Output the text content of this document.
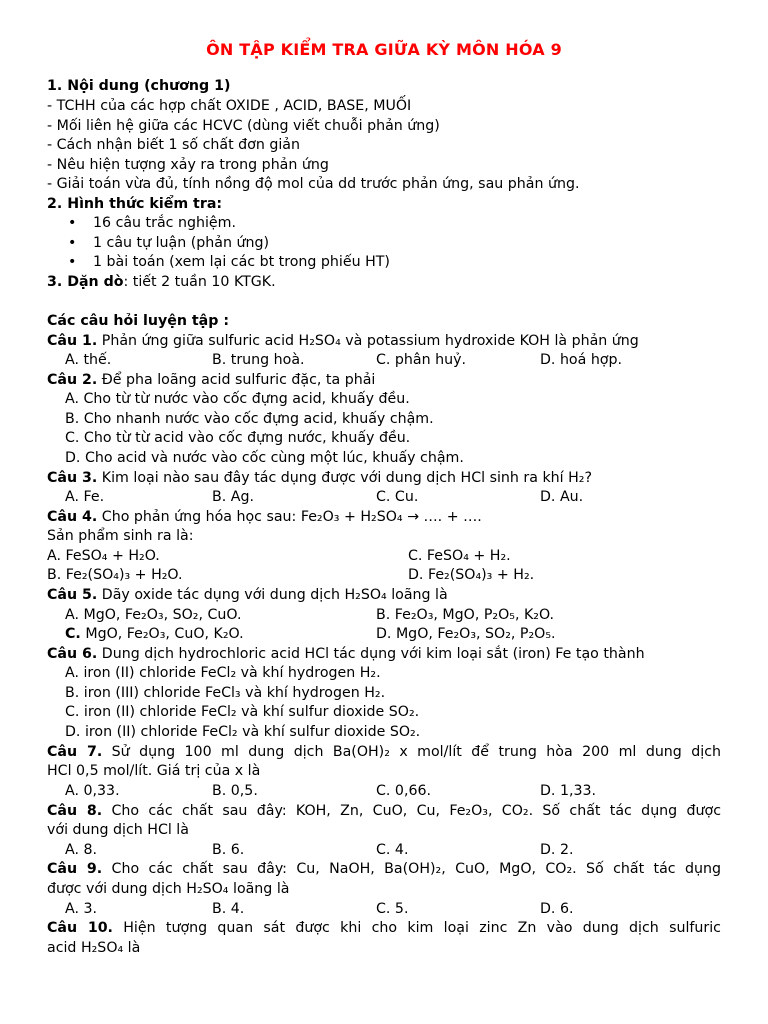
ÔN TẬP KIỂM TRA GIỮA KỲ MÔN HÓA 9
1. Nội dung (chương 1)
- TCHH của các hợp chất OXIDE , ACID, BASE, MUỐI
- Mối liên hệ giữa các HCVC (dùng viết chuỗi phản ứng)
- Cách nhận biết 1 số chất đơn giản
- Nêu hiện tượng xảy ra trong phản ứng
- Giải toán vừa đủ, tính nồng độ mol của dd trước phản ứng, sau phản ứng.
2. Hình thức kiểm tra:
• 16 câu trắc nghiệm.
• 1 câu tự luận (phản ứng)
• 1 bài toán (xem lại các bt trong phiếu HT)
3. Dặn dò: tiết 2 tuần 10 KTGK.
Các câu hỏi luyện tập :
Câu 1. Phản ứng giữa sulfuric acid H₂SO₄ và potassium hydroxide KOH là phản ứng
A. thế.	B. trung hoà.	C. phân huỷ.	D. hoá hợp.
Câu 2. Để pha loãng acid sulfuric đặc, ta phải
A. Cho từ từ nước vào cốc đựng acid, khuấy đều.
B. Cho nhanh nước vào cốc đựng acid, khuấy chậm.
C. Cho từ từ acid vào cốc đựng nước, khuấy đều.
D. Cho acid và nước vào cốc cùng một lúc, khuấy chậm.
Câu 3. Kim loại nào sau đây tác dụng được với dung dịch HCl sinh ra khí H₂?
A. Fe.	B. Ag.	C. Cu.	D. Au.
Câu 4. Cho phản ứng hóa học sau: Fe₂O₃ + H₂SO₄ → …. + ….
Sản phẩm sinh ra là:
A. FeSO₄ + H₂O.	C. FeSO₄ + H₂.
B. Fe₂(SO₄)₃ + H₂O.	D. Fe₂(SO₄)₃ + H₂.
Câu 5. Dãy oxide tác dụng với dung dịch H₂SO₄ loãng là
A. MgO, Fe₂O₃, SO₂, CuO.	B. Fe₂O₃, MgO, P₂O₅, K₂O.
C. MgO, Fe₂O₃, CuO, K₂O.	D. MgO, Fe₂O₃, SO₂, P₂O₅.
Câu 6. Dung dịch hydrochloric acid HCl tác dụng với kim loại sắt (iron) Fe tạo thành
A. iron (II) chloride FeCl₂ và khí hydrogen H₂.
B. iron (III) chloride FeCl₃ và khí hydrogen H₂.
C. iron (II) chloride FeCl₂ và khí sulfur dioxide SO₂.
D. iron (II) chloride FeCl₂ và khí sulfur dioxide SO₂.
Câu 7. Sử dụng 100 ml dung dịch Ba(OH)₂ x mol/lít để trung hòa 200 ml dung dịch
HCl 0,5 mol/lít. Giá trị của x là
A. 0,33.	B. 0,5.	C. 0,66.	D. 1,33.
Câu 8. Cho các chất sau đây: KOH, Zn, CuO, Cu, Fe₂O₃, CO₂. Số chất tác dụng được
với dung dịch HCl là
A. 8.	B. 6.	C. 4.	D. 2.
Câu 9. Cho các chất sau đây: Cu, NaOH, Ba(OH)₂, CuO, MgO, CO₂. Số chất tác dụng
được với dung dịch H₂SO₄ loãng là
A. 3.	B. 4.	C. 5.	D. 6.
Câu 10. Hiện tượng quan sát được khi cho kim loại zinc Zn vào dung dịch sulfuric
acid H₂SO₄ là
